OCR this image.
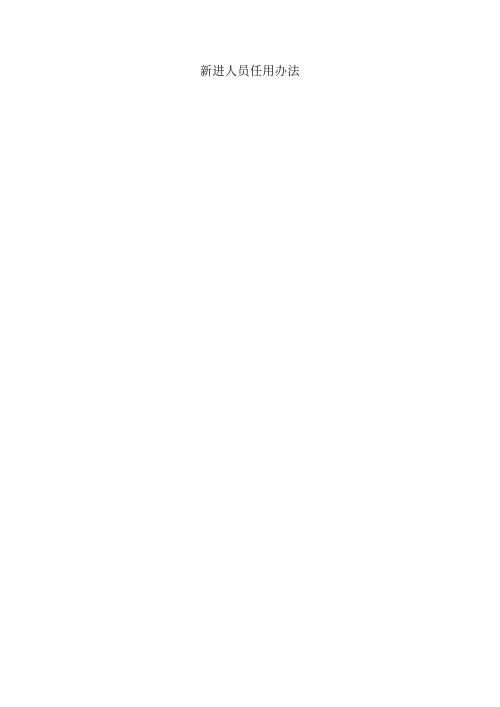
新进人员任用办法
